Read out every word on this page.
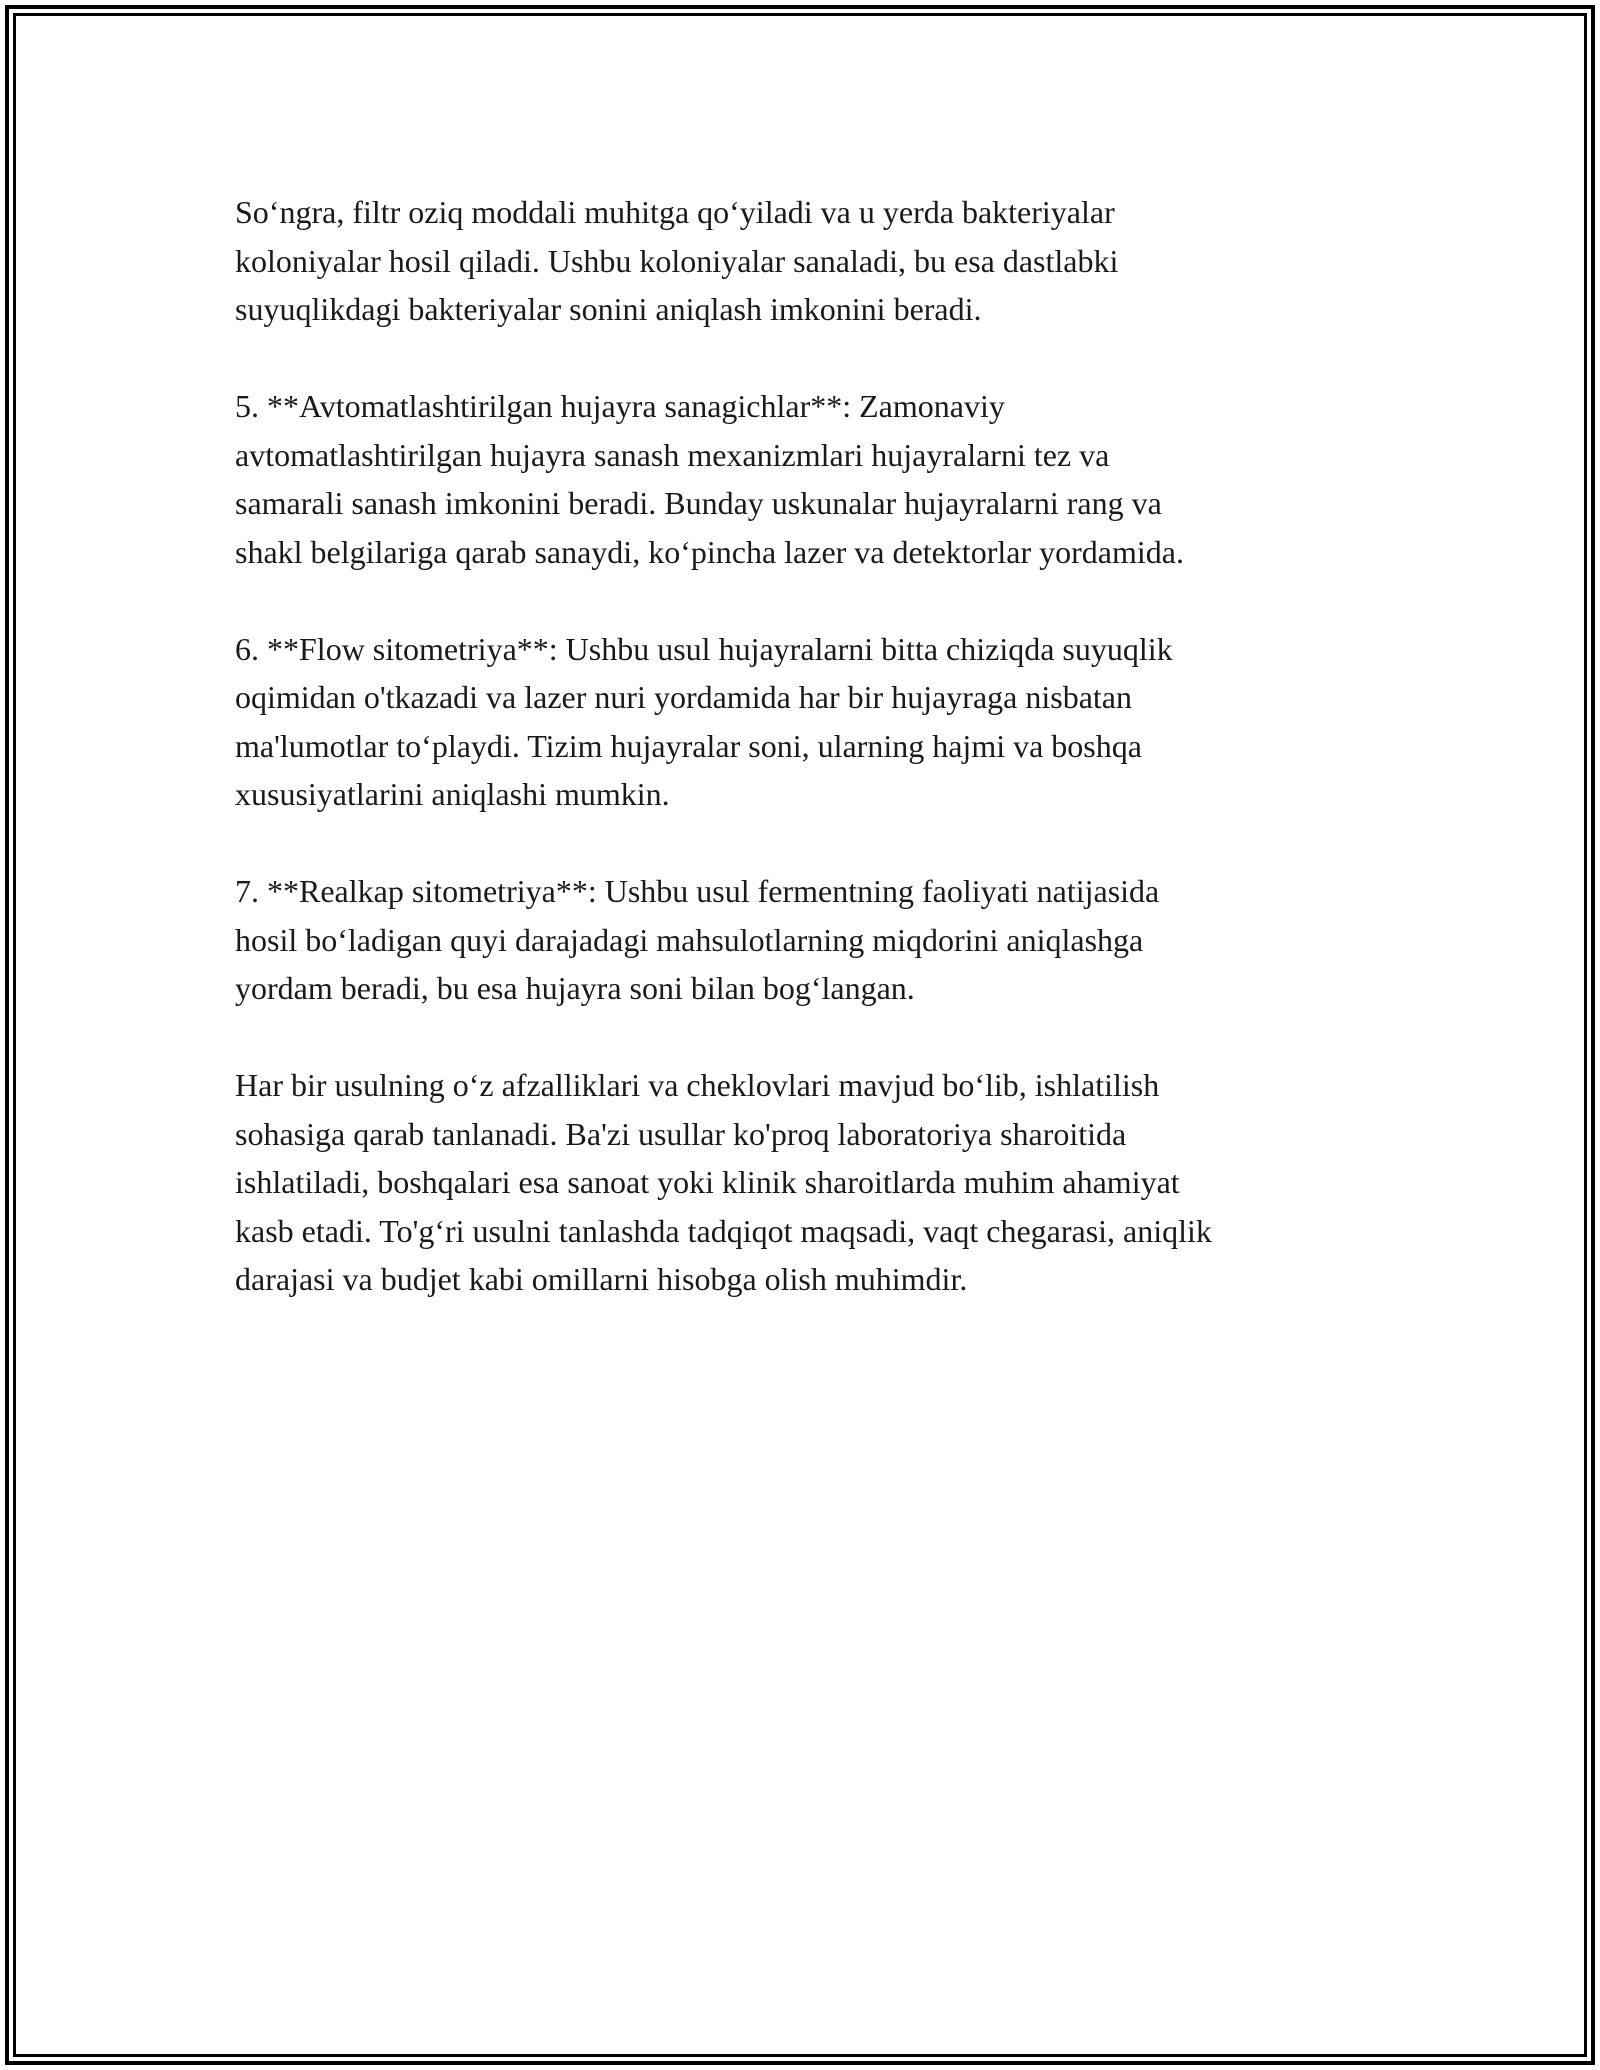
So‘ngra, filtr oziq moddali muhitga qo‘yiladi va u yerda bakteriyalar
koloniyalar hosil qiladi. Ushbu koloniyalar sanaladi, bu esa dastlabki
suyuqlikdagi bakteriyalar sonini aniqlash imkonini beradi.

5. **Avtomatlashtirilgan hujayra sanagichlar**: Zamonaviy
avtomatlashtirilgan hujayra sanash mexanizmlari hujayralarni tez va
samarali sanash imkonini beradi. Bunday uskunalar hujayralarni rang va
shakl belgilariga qarab sanaydi, ko‘pincha lazer va detektorlar yordamida.

6. **Flow sitometriya**: Ushbu usul hujayralarni bitta chiziqda suyuqlik
oqimidan o'tkazadi va lazer nuri yordamida har bir hujayraga nisbatan
ma'lumotlar to‘playdi. Tizim hujayralar soni, ularning hajmi va boshqa
xususiyatlarini aniqlashi mumkin.

7. **Realkap sitometriya**: Ushbu usul fermentning faoliyati natijasida
hosil bo‘ladigan quyi darajadagi mahsulotlarning miqdorini aniqlashga
yordam beradi, bu esa hujayra soni bilan bog‘langan.

Har bir usulning o‘z afzalliklari va cheklovlari mavjud bo‘lib, ishlatilish
sohasiga qarab tanlanadi. Ba'zi usullar ko'proq laboratoriya sharoitida
ishlatiladi, boshqalari esa sanoat yoki klinik sharoitlarda muhim ahamiyat
kasb etadi. To'g‘ri usulni tanlashda tadqiqot maqsadi, vaqt chegarasi, aniqlik
darajasi va budjet kabi omillarni hisobga olish muhimdir.
